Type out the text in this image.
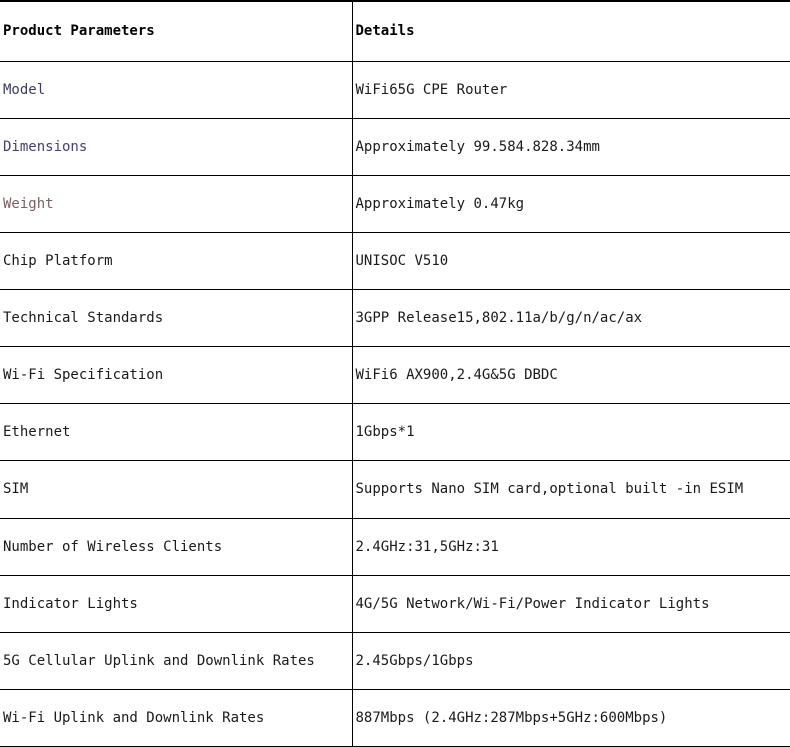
Product Parameters	Details
Model	WiFi65G CPE Router
Dimensions	Approximately 99.584.828.34mm
Weight	Approximately 0.47kg
Chip Platform	UNISOC V510
Technical Standards	3GPP Release15,802.11a/b/g/n/ac/ax
Wi-Fi Specification	WiFi6 AX900,2.4G&5G DBDC
Ethernet	1Gbps*1
SIM	Supports Nano SIM card,optional built -in ESIM
Number of Wireless Clients	2.4GHz:31,5GHz:31
Indicator Lights	4G/5G Network/Wi-Fi/Power Indicator Lights
5G Cellular Uplink and Downlink Rates	2.45Gbps/1Gbps
Wi-Fi Uplink and Downlink Rates	887Mbps (2.4GHz:287Mbps+5GHz:600Mbps)
